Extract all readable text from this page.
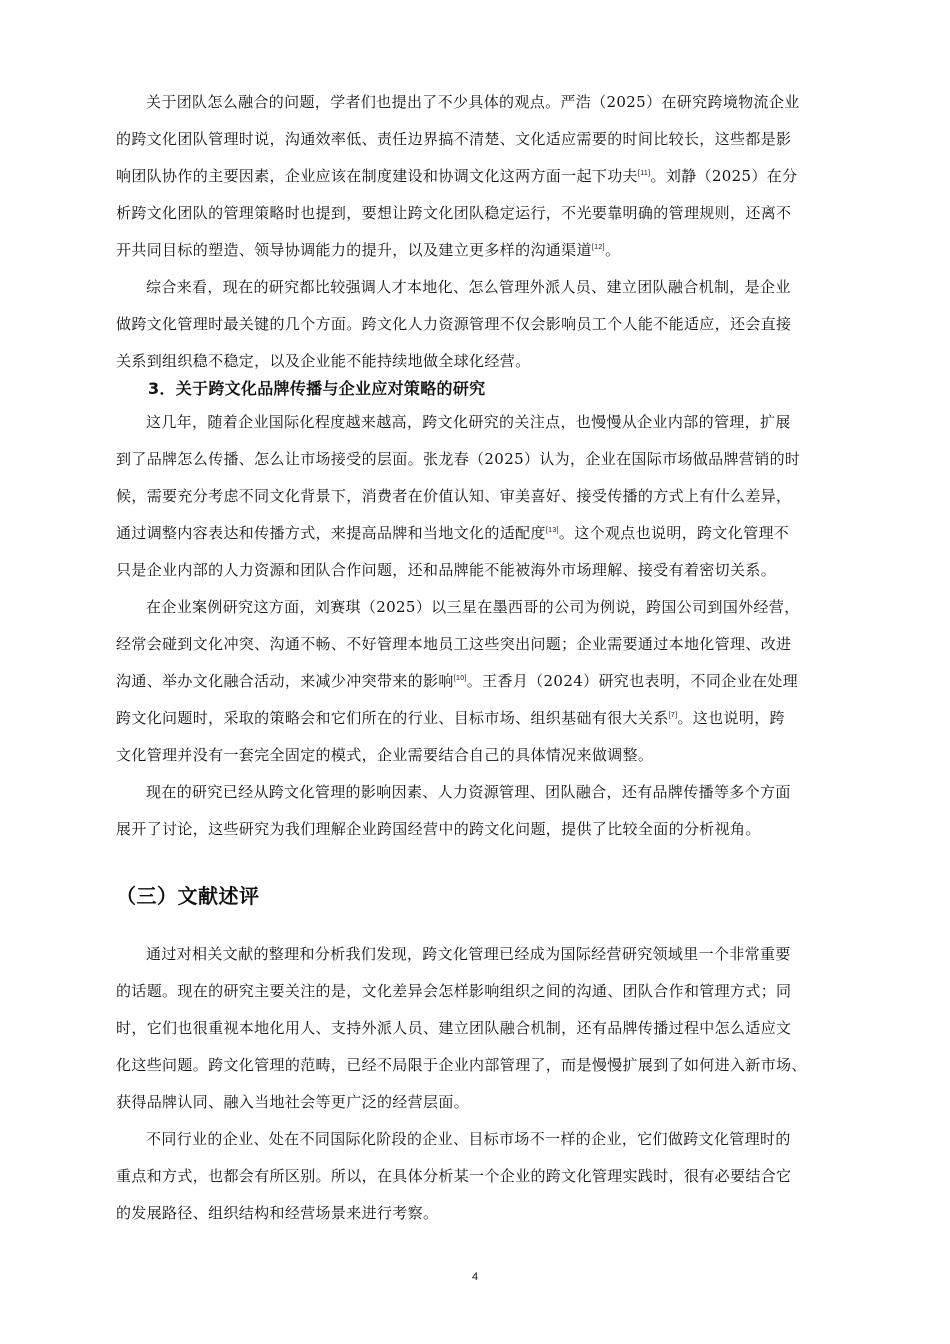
关于团队怎么融合的问题，学者们也提出了不少具体的观点。严浩（2025）在研究跨境物流企业
的跨文化团队管理时说，沟通效率低、责任边界搞不清楚、文化适应需要的时间比较长，这些都是影
响团队协作的主要因素，企业应该在制度建设和协调文化这两方面一起下功夫[11]。刘静（2025）在分
析跨文化团队的管理策略时也提到，要想让跨文化团队稳定运行，不光要靠明确的管理规则，还离不
开共同目标的塑造、领导协调能力的提升，以及建立更多样的沟通渠道[12]。
综合来看，现在的研究都比较强调人才本地化、怎么管理外派人员、建立团队融合机制，是企业
做跨文化管理时最关键的几个方面。跨文化人力资源管理不仅会影响员工个人能不能适应，还会直接
关系到组织稳不稳定，以及企业能不能持续地做全球化经营。
3．关于跨文化品牌传播与企业应对策略的研究
这几年，随着企业国际化程度越来越高，跨文化研究的关注点，也慢慢从企业内部的管理，扩展
到了品牌怎么传播、怎么让市场接受的层面。张龙春（2025）认为，企业在国际市场做品牌营销的时
候，需要充分考虑不同文化背景下，消费者在价值认知、审美喜好、接受传播的方式上有什么差异，
通过调整内容表达和传播方式，来提高品牌和当地文化的适配度[13]。这个观点也说明，跨文化管理不
只是企业内部的人力资源和团队合作问题，还和品牌能不能被海外市场理解、接受有着密切关系。
在企业案例研究这方面，刘赛琪（2025）以三星在墨西哥的公司为例说，跨国公司到国外经营，
经常会碰到文化冲突、沟通不畅、不好管理本地员工这些突出问题；企业需要通过本地化管理、改进
沟通、举办文化融合活动，来减少冲突带来的影响[10]。王香月（2024）研究也表明，不同企业在处理
跨文化问题时，采取的策略会和它们所在的行业、目标市场、组织基础有很大关系[7]。这也说明，跨
文化管理并没有一套完全固定的模式，企业需要结合自己的具体情况来做调整。
现在的研究已经从跨文化管理的影响因素、人力资源管理、团队融合，还有品牌传播等多个方面
展开了讨论，这些研究为我们理解企业跨国经营中的跨文化问题，提供了比较全面的分析视角。
（三）文献述评
通过对相关文献的整理和分析我们发现，跨文化管理已经成为国际经营研究领域里一个非常重要
的话题。现在的研究主要关注的是，文化差异会怎样影响组织之间的沟通、团队合作和管理方式；同
时，它们也很重视本地化用人、支持外派人员、建立团队融合机制，还有品牌传播过程中怎么适应文
化这些问题。跨文化管理的范畴，已经不局限于企业内部管理了，而是慢慢扩展到了如何进入新市场、
获得品牌认同、融入当地社会等更广泛的经营层面。
不同行业的企业、处在不同国际化阶段的企业、目标市场不一样的企业，它们做跨文化管理时的
重点和方式，也都会有所区别。所以，在具体分析某一个企业的跨文化管理实践时，很有必要结合它
的发展路径、组织结构和经营场景来进行考察。
4
